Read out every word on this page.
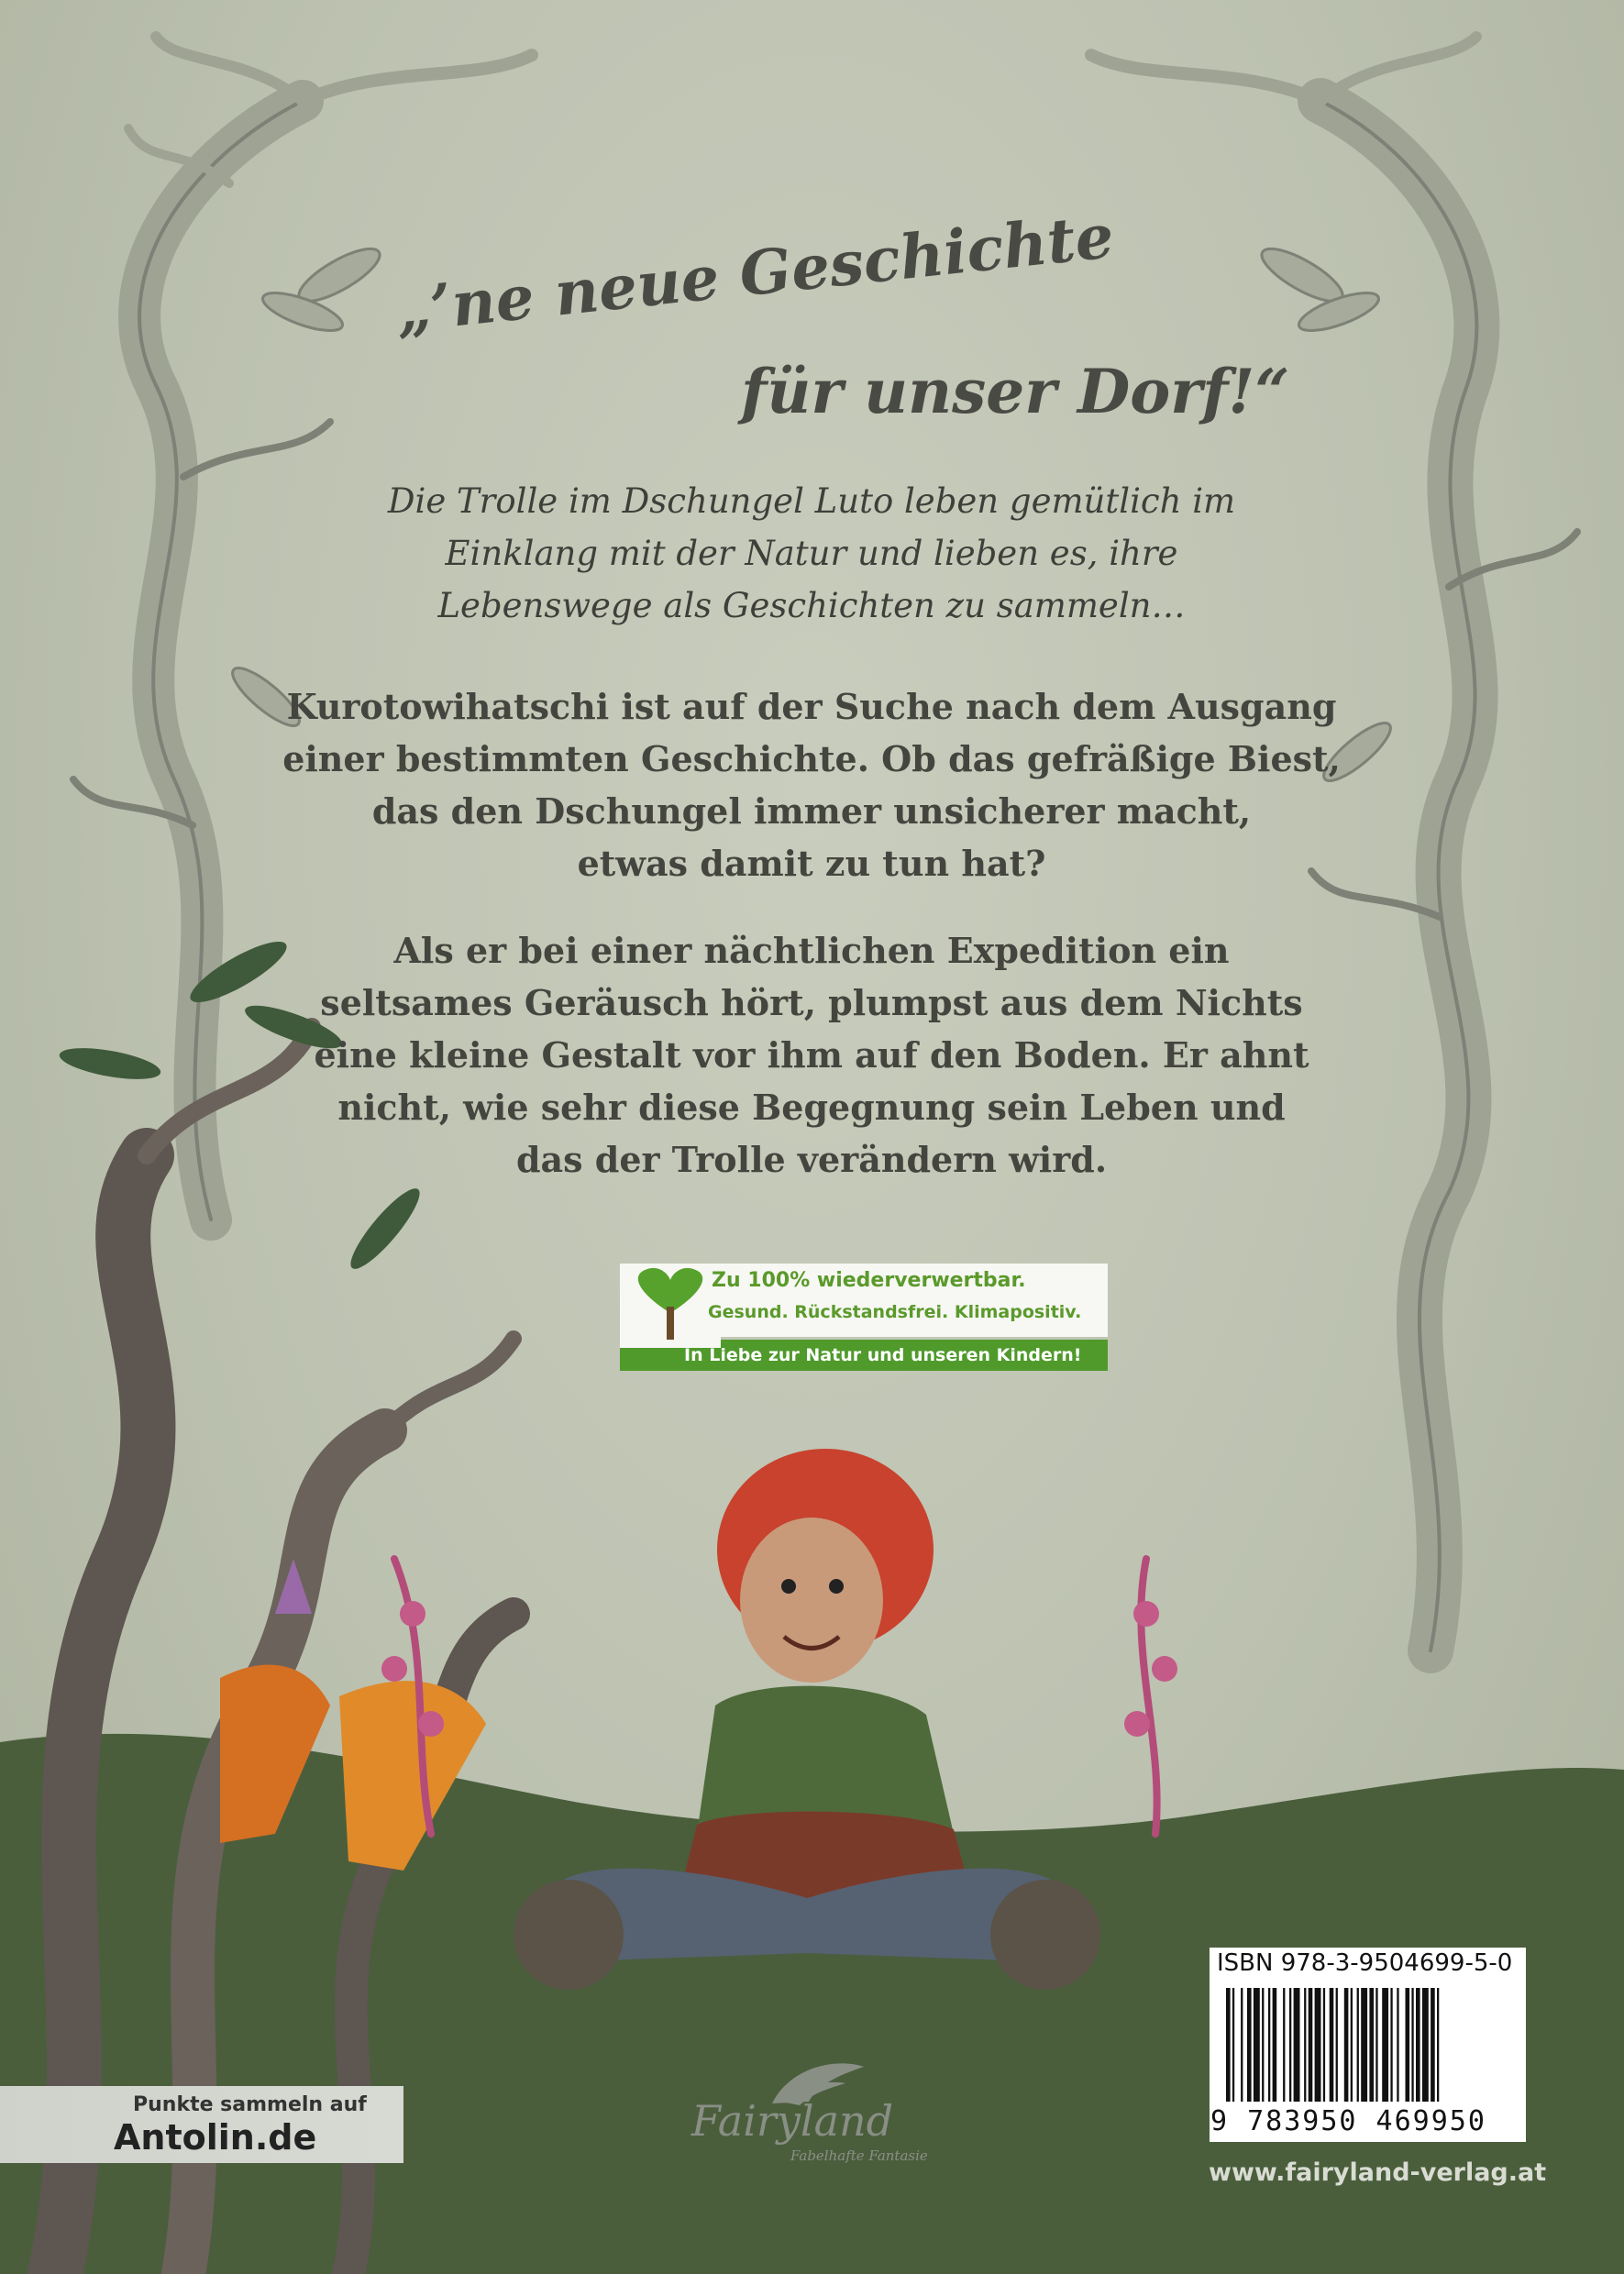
„’ne neue Geschichte
für unser Dorf!“

Die Trolle im Dschungel Luto leben gemütlich im

Einklang mit der Natur und lieben es, ihre

Lebenswege als Geschichten zu sammeln…

Kurotowihatschi ist auf der Suche nach dem Ausgang

einer bestimmten Geschichte. Ob das gefräßige Biest,

das den Dschungel immer unsicherer macht,

etwas damit zu tun hat?

Als er bei einer nächtlichen Expedition ein

seltsames Geräusch hört, plumpst aus dem Nichts

eine kleine Gestalt vor ihm auf den Boden. Er ahnt

nicht, wie sehr diese Begegnung sein Leben und

das der Trolle verändern wird.

Zu 100% wiederverwertbar.
Gesund. Rückstandsfrei. Klimapositiv.
In Liebe zur Natur und unseren Kindern!
Punkte sammeln auf
Antolin.de	Fairyland
Fabelhafte Fantasie
ISBN 978-3-9504699-5-0
9 783950 469950
www.fairyland-verlag.at
